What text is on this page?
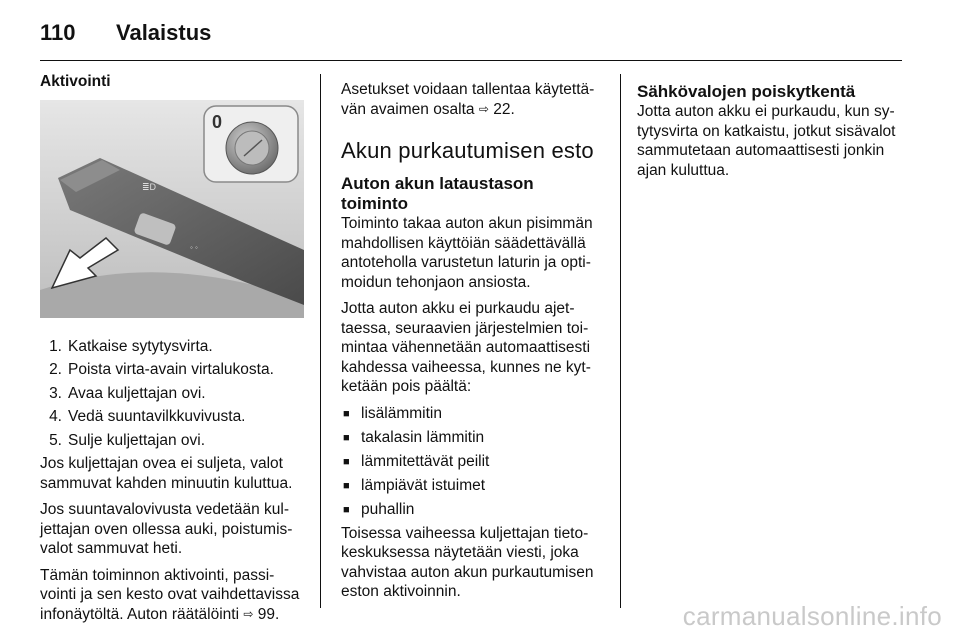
110 Valaistus
Aktivointi
≣D
◦ ◦
0
1. Katkaise sytytysvirta.
2. Poista virta-avain virtalukosta.
3. Avaa kuljettajan ovi.
4. Vedä suuntavilkkuvivusta.
5. Sulje kuljettajan ovi.

Jos kuljettajan ovea ei suljeta, valot sammuvat kahden minuutin kuluttua.

Jos suuntavalovivusta vedetään kul- jettajan oven ollessa auki, poistumis- valot sammuvat heti.

Tämän toiminnon aktivointi, passi- vointi ja sen kesto ovat vaihdettavissa infonäytöltä. Auton räätälöinti ⇨ 99.

Asetukset voidaan tallentaa käytettä- vän avaimen osalta ⇨ 22.

Akun purkautumisen esto
Auton akun lataustason toiminto

Toiminto takaa auton akun pisimmän mahdollisen käyttöiän säädettävällä antoteholla varustetun laturin ja opti- moidun tehonjaon ansiosta.

Jotta auton akku ei purkaudu ajet- taessa, seuraavien järjestelmien toi- mintaa vähennetään automaattisesti kahdessa vaiheessa, kunnes ne kyt- ketään pois päältä:

■ lisälämmitin
■ takalasin lämmitin
■ lämmitettävät peilit
■ lämpiävät istuimet
■ puhallin

Toisessa vaiheessa kuljettajan tieto- keskuksessa näytetään viesti, joka vahvistaa auton akun purkautumisen eston aktivoinnin.

Sähkövalojen poiskytkentä

Jotta auton akku ei purkaudu, kun sy- tytysvirta on katkaistu, jotkut sisävalot sammutetaan automaattisesti jonkin ajan kuluttua.

carmanualsonline.info
